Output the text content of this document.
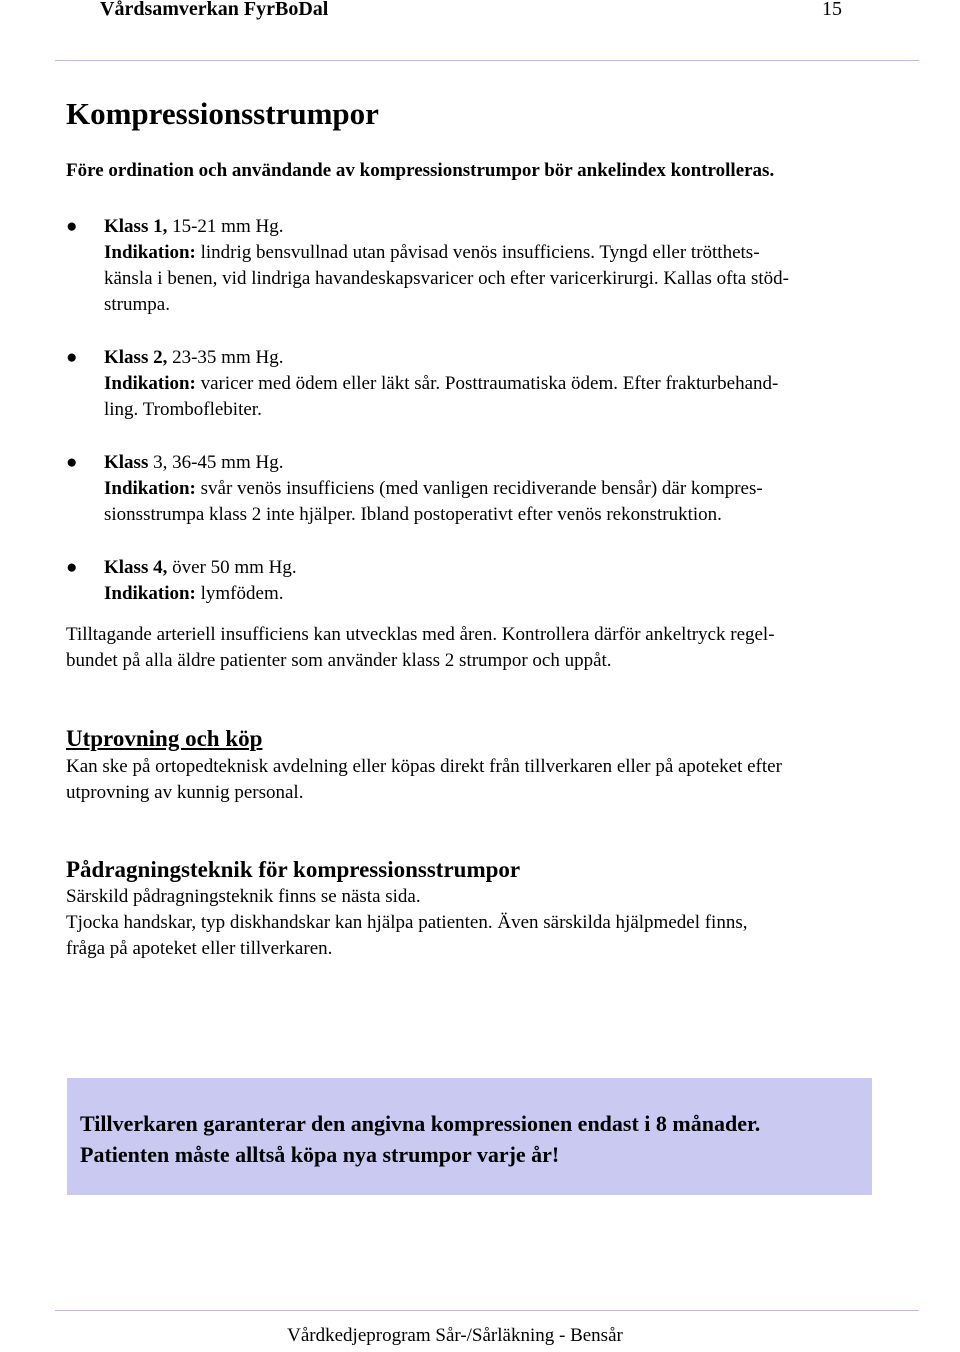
Vårdsamverkan FyrBoDal	15
Kompressionsstrumpor

Före ordination och användande av kompressionstrumpor bör ankelindex kontrolleras.

● Klass 1, 15-21 mm Hg.
Indikation: lindrig bensvullnad utan påvisad venös insufficiens. Tyngd eller trötthets-
känsla i benen, vid lindriga havandeskapsvaricer och efter varicerkirurgi. Kallas ofta stöd-
strumpa.
● Klass 2, 23-35 mm Hg.
Indikation: varicer med ödem eller läkt sår. Posttraumatiska ödem. Efter frakturbehand-
ling. Tromboflebiter.
● Klass 3, 36-45 mm Hg.
Indikation: svår venös insufficiens (med vanligen recidiverande bensår) där kompres-
sionsstrumpa klass 2 inte hjälper. Ibland postoperativt efter venös rekonstruktion.
● Klass 4, över 50 mm Hg.
Indikation: lymfödem.
Tilltagande arteriell insufficiens kan utvecklas med åren. Kontrollera därför ankeltryck regel-
bundet på alla äldre patienter som använder klass 2 strumpor och uppåt.
Utprovning och köp
Kan ske på ortopedteknisk avdelning eller köpas direkt från tillverkaren eller på apoteket efter
utprovning av kunnig personal.
Pådragningsteknik för kompressionsstrumpor
Särskild pådragningsteknik finns se nästa sida.
Tjocka handskar, typ diskhandskar kan hjälpa patienten. Även särskilda hjälpmedel finns,
fråga på apoteket eller tillverkaren.

Tillverkaren garanterar den angivna kompressionen endast i 8 månader.
Patienten måste alltså köpa nya strumpor varje år!

Vårdkedjeprogram Sår-/Sårläkning - Bensår
